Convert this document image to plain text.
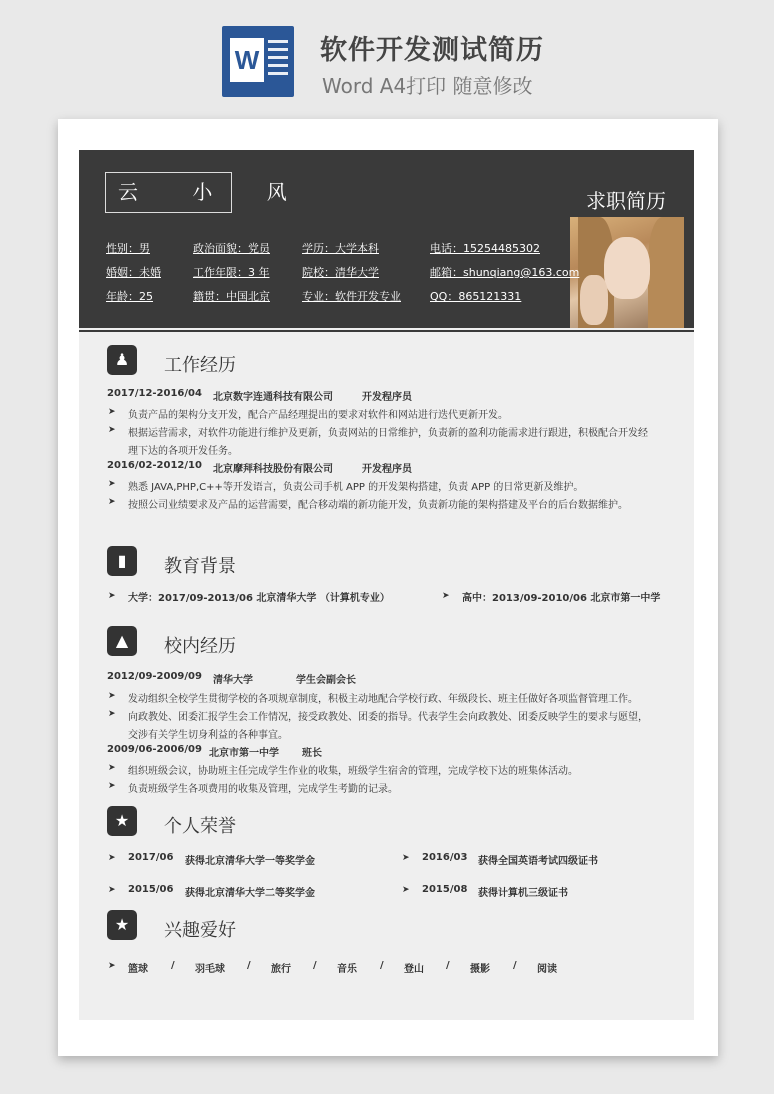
W 软件开发测试简历
Word A4打印 随意修改
云 小 风	求职简历
性别：男	政治面貌：党员	学历：大学本科	电话：15254485302
婚姻：未婚	工作年限：3 年	院校：清华大学	邮箱：shunqiang@163.com
年龄：25	籍贯：中国北京	专业：软件开发专业	QQ：865121331
♟	工作经历
2017/12-2016/04 北京数字连通科技有限公司	开发程序员
➤ 负责产品的架构分支开发，配合产品经理提出的要求对软件和网站进行迭代更新开发。
➤ 根据运营需求，对软件功能进行维护及更新，负责网站的日常维护，负责新的盈利功能需求进行跟进，积极配合开发经
理下达的各项开发任务。
2016/02-2012/10 北京摩拜科技股份有限公司	开发程序员
➤ 熟悉 JAVA,PHP,C++等开发语言，负责公司手机 APP 的开发架构搭建，负责 APP 的日常更新及维护。
➤ 按照公司业绩要求及产品的运营需要，配合移动端的新功能开发，负责新功能的架构搭建及平台的后台数据维护。
▮	教育背景
➤ 大学：2017/09-2013/06 北京清华大学 （计算机专业）	➤ 高中：2013/09-2010/06 北京市第一中学
▲	校内经历
2012/09-2009/09 清华大学	学生会副会长
➤ 发动组织全校学生贯彻学校的各项规章制度，积极主动地配合学校行政、年级段长、班主任做好各项监督管理工作。
➤ 向政教处、团委汇报学生会工作情况，接受政教处、团委的指导。代表学生会向政教处、团委反映学生的要求与愿望，
交涉有关学生切身利益的各种事宜。
2009/06-2006/09 北京市第一中学 班长
➤ 组织班级会议，协助班主任完成学生作业的收集，班级学生宿舍的管理，完成学校下达的班集体活动。
➤ 负责班级学生各项费用的收集及管理，完成学生考勤的记录。
★	个人荣誉
➤ 2017/06 获得北京清华大学一等奖学金	➤ 2016/03 获得全国英语考试四级证书
➤ 2015/06 获得北京清华大学二等奖学金	➤ 2015/08 获得计算机三级证书
★	兴趣爱好
➤ 篮球 / 羽毛球 / 旅行 / 音乐 / 登山 / 摄影 / 阅读
